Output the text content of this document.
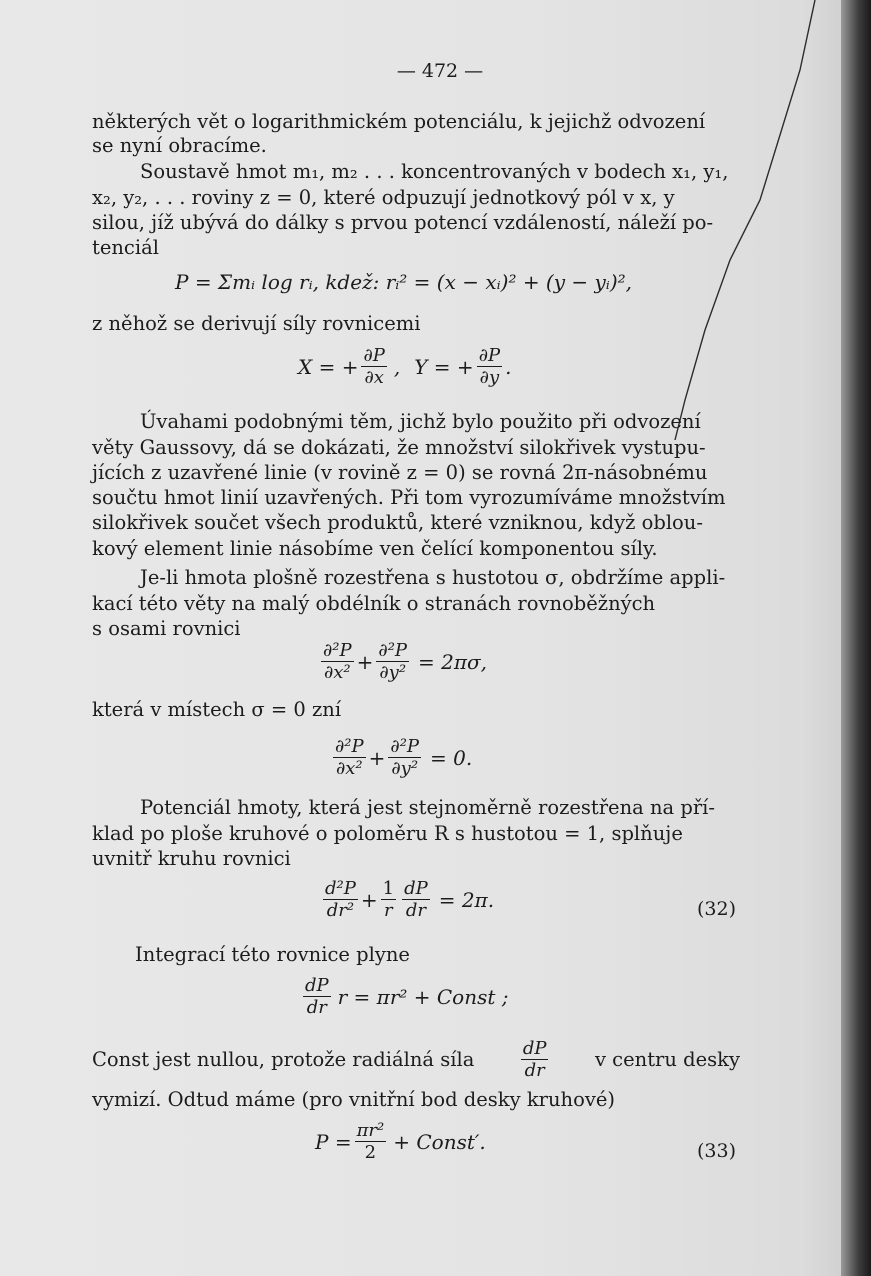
— 472 —
některých vět o logarithmickém potenciálu, k jejichž odvození
se nyní obracíme.
Soustavě hmot m₁, m₂ . . . koncentrovaných v bodech x₁, y₁,
x₂, y₂, . . . roviny z = 0, které odpuzují jednotkový pól v x, y
silou, jíž ubývá do dálky s prvou potencí vzdáleností, náleží po-
tenciál
P = Σmᵢ log rᵢ, kdež: rᵢ² = (x − xᵢ)² + (y − yᵢ)²,
z něhož se derivují síly rovnicemi
X = + $\frac{\partial P}{\partial x}$ , Y = + $\frac{\partial P}{\partial y}$ .
Úvahami podobnými těm, jichž bylo použito při odvození
věty Gaussovy, dá se dokázati, že množství silokřivek vystupu-
jících z uzavřené linie (v rovině z = 0) se rovná 2π-násobnému
součtu hmot linií uzavřených. Při tom vyrozumíváme množstvím
silokřivek součet všech produktů, které vzniknou, když oblou-
kový element linie násobíme ven čelící komponentou síly.
Je-li hmota plošně rozestřena s hustotou σ, obdržíme appli-
kací této věty na malý obdélník o stranách rovnoběžných
s osami rovnici
$\frac{\text{∂²P}}{\text{∂x²}} + \frac{\text{∂²P}}{\text{∂y²}} = 2\pi\sigma$,
která v místech σ = 0 zní
$\frac{\text{∂²P}}{\text{∂x²}} + \frac{\text{∂²P}}{\text{∂y²}} = 0$.
Potenciál hmoty, která jest stejnoměrně rozestřena na pří-
klad po ploše kruhové o poloměru R s hustotou = 1, splňuje
uvnitř kruhu rovnici
$\frac{\text{d²P}}{\text{dr²}} + \frac{1}{r} \frac{dP}{dr} = 2\pi$.	(32)
Integrací této rovnice plyne
$\frac{dP}{dr}$ r = πr² + Const ;
Const jest nullou, protože radiálná síla	$\frac{dP}{dr}$ v centru desky
vymizí. Odtud máme (pro vnitřní bod desky kruhové)
$P = \frac{\text{πr²}}{2}$ + Const′.	(33)
